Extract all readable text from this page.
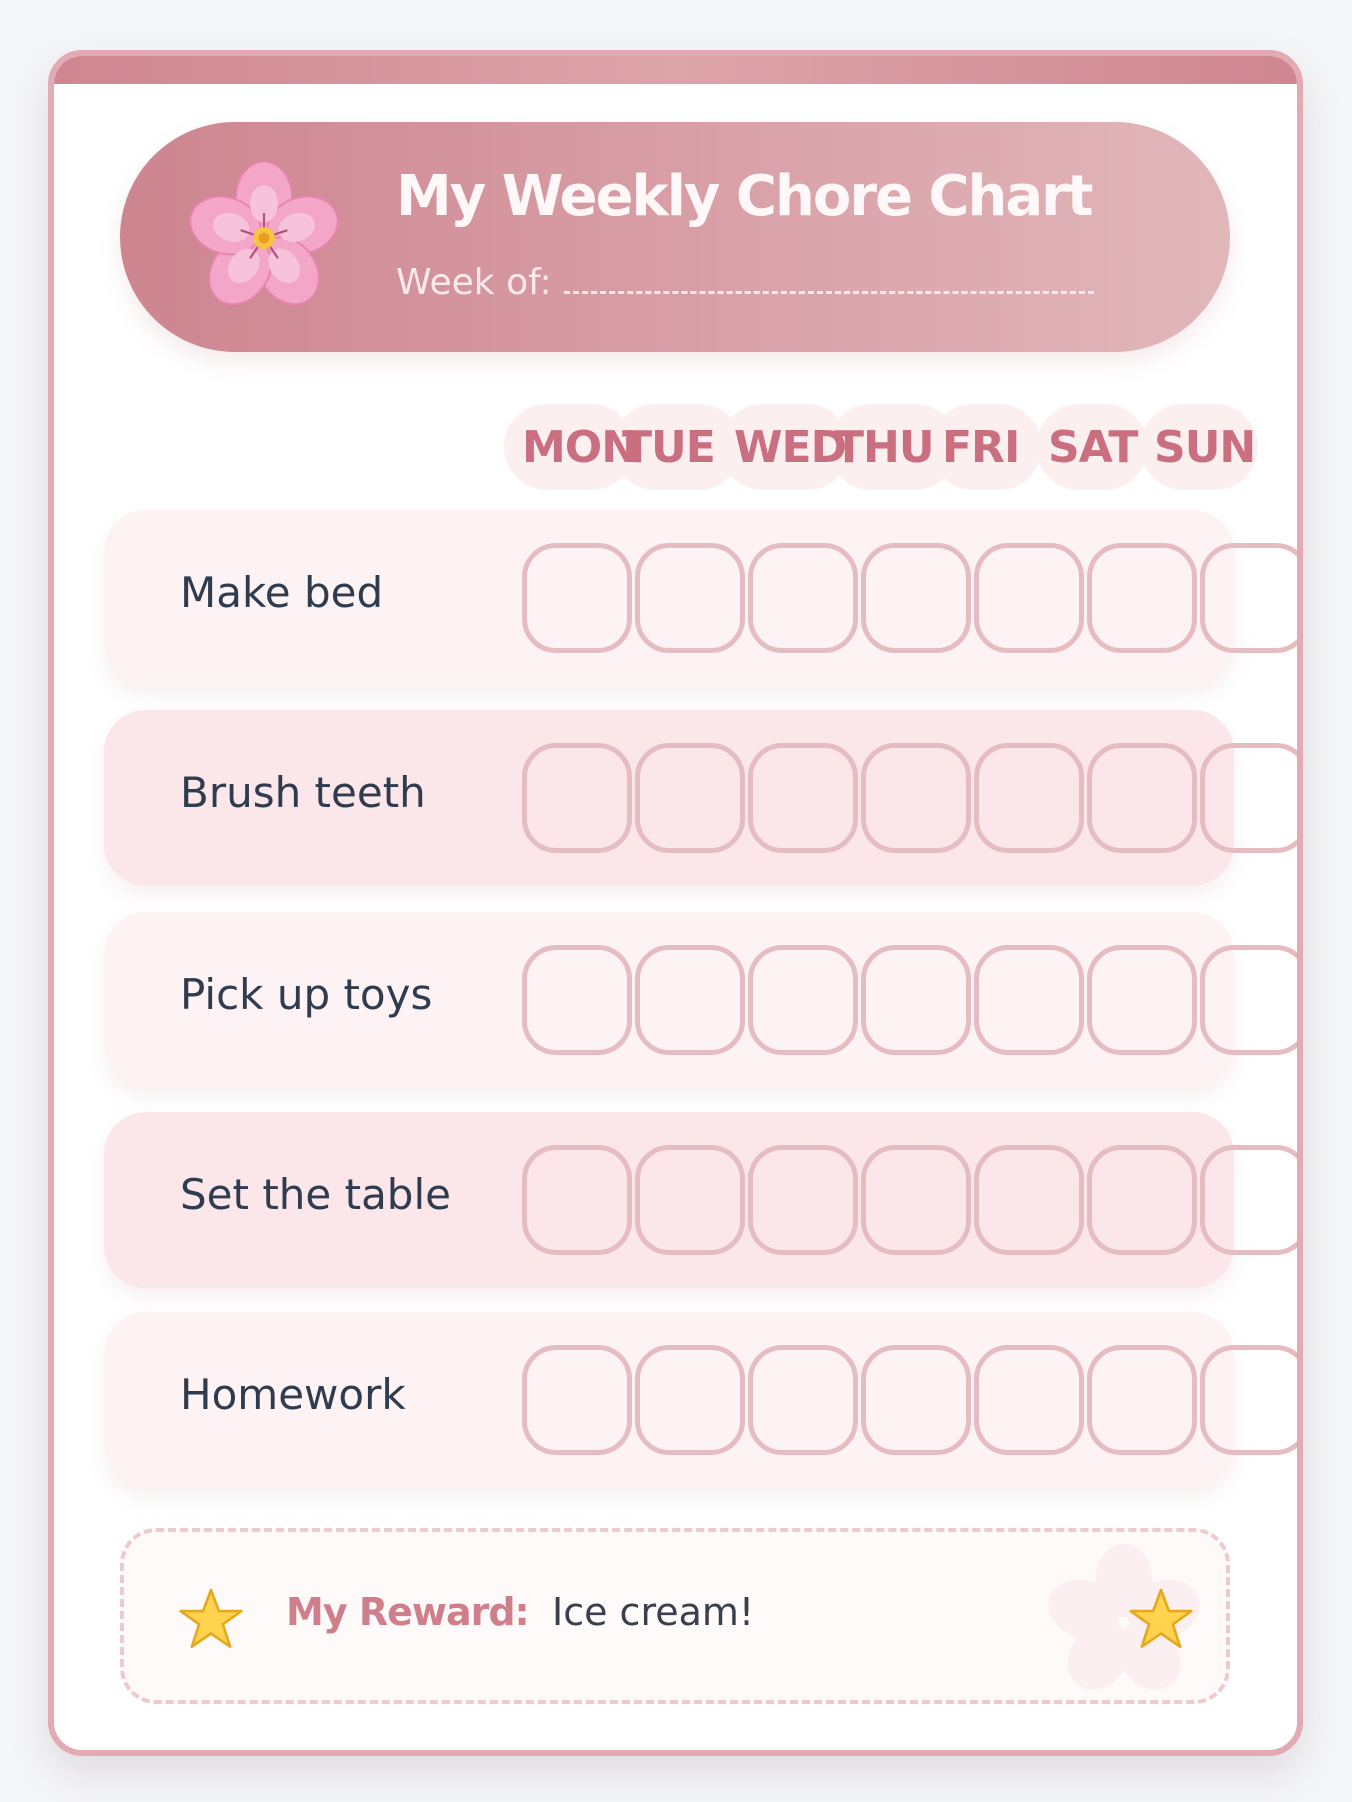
My Weekly Chore Chart
Week of:
MON
TUE WED
THU FRI SAT SUN
Make bed
Brush teeth
Pick up toys
Set the table
Homework
My Reward: Ice cream!
